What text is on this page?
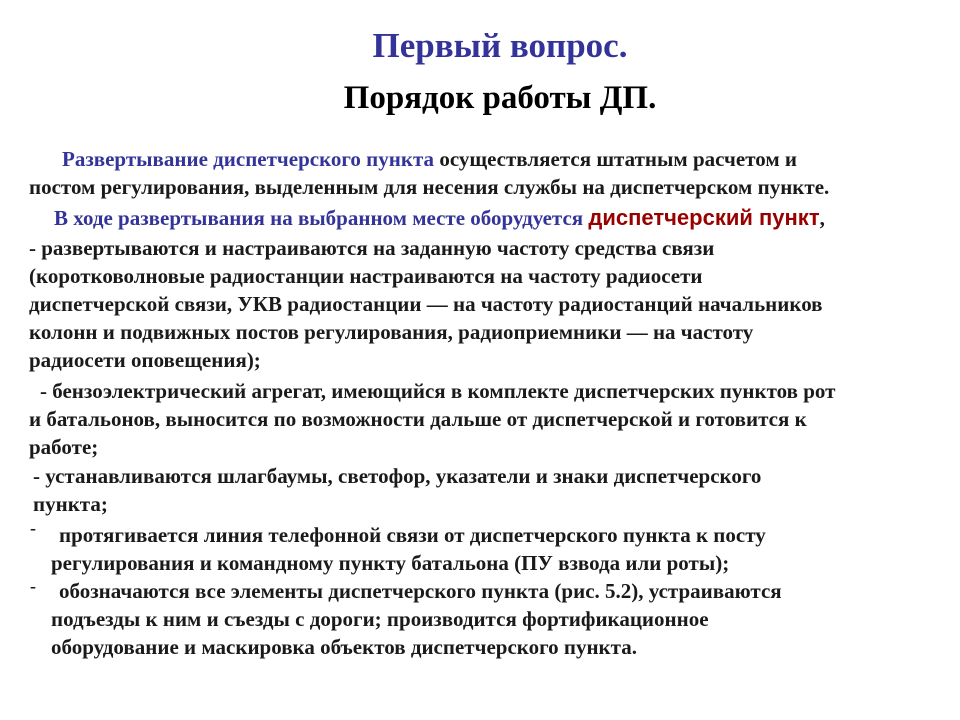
Первый вопрос.
Порядок работы ДП.
Развертывание диспетчерского пункта осуществляется штатным расчетом и
постом регулирования, выделенным для несения службы на диспетчерском пункте.
В ходе развертывания на выбранном месте оборудуется диспетчерский пункт,
- развертываются и настраиваются на заданную частоту средства связи
(коротковолновые радиостанции настраиваются на частоту радиосети
диспетчерской связи, УКВ радиостанции — на частоту радиостанций начальников
колонн и подвижных постов регулирования, радиоприемники — на частоту
радиосети оповещения);
- бензоэлектрический агрегат, имеющийся в комплекте диспетчерских пунктов рот
и батальонов, выносится по возможности дальше от диспетчерской и готовится к
работе;
- устанавливаются шлагбаумы, светофор, указатели и знаки диспетчерского
пункта;
- протягивается линия телефонной связи от диспетчерского пункта к посту
регулирования и командному пункту батальона (ПУ взвода или роты);
- обозначаются все элементы диспетчерского пункта (рис. 5.2), устраиваются
подъезды к ним и съезды с дороги; производится фортификационное
оборудование и маскировка объектов диспетчерского пункта.
